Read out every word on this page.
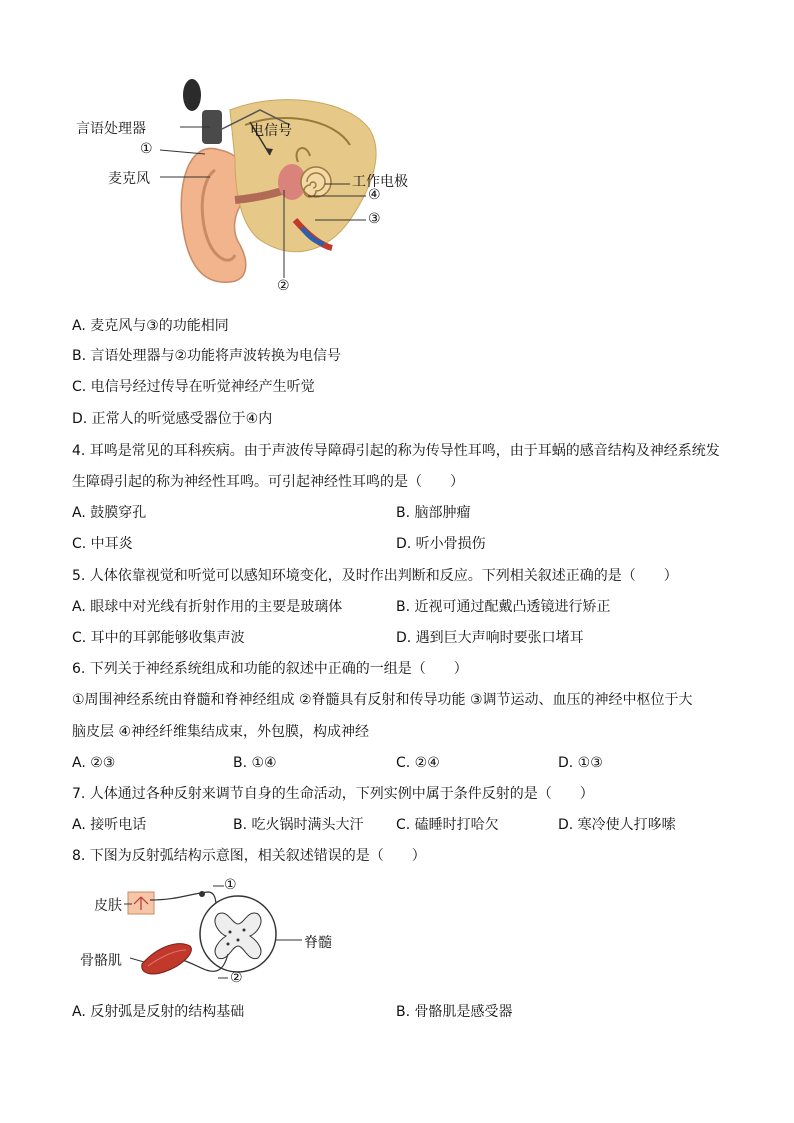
言语处理器	电信号
①
麦克风	工作电极
④
③
②
A. 麦克风与③的功能相同
B. 言语处理器与②功能将声波转换为电信号
C. 电信号经过传导在听觉神经产生听觉
D. 正常人的听觉感受器位于④内
4. 耳鸣是常见的耳科疾病。由于声波传导障碍引起的称为传导性耳鸣，由于耳蜗的感音结构及神经系统发
生障碍引起的称为神经性耳鸣。可引起神经性耳鸣的是（　　）
A. 鼓膜穿孔	B. 脑部肿瘤
C. 中耳炎	D. 听小骨损伤
5. 人体依靠视觉和听觉可以感知环境变化，及时作出判断和反应。下列相关叙述正确的是（　　）
A. 眼球中对光线有折射作用的主要是玻璃体	B. 近视可通过配戴凸透镜进行矫正
C. 耳中的耳郭能够收集声波	D. 遇到巨大声响时要张口堵耳
6. 下列关于神经系统组成和功能的叙述中正确的一组是（　　）
①周围神经系统由脊髓和脊神经组成 ②脊髓具有反射和传导功能 ③调节运动、血压的神经中枢位于大
脑皮层 ④神经纤维集结成束，外包膜，构成神经
A. ②③	B. ①④	C. ②④	D. ①③
7. 人体通过各种反射来调节自身的生命活动，下列实例中属于条件反射的是（　　）
A. 接听电话	B. 吃火锅时满头大汗 C. 磕睡时打哈欠	D. 寒冷使人打哆嗦
8. 下图为反射弧结构示意图，相关叙述错误的是（　　）
皮肤
①
脊髓
骨骼肌
②
A. 反射弧是反射的结构基础	B. 骨骼肌是感受器
